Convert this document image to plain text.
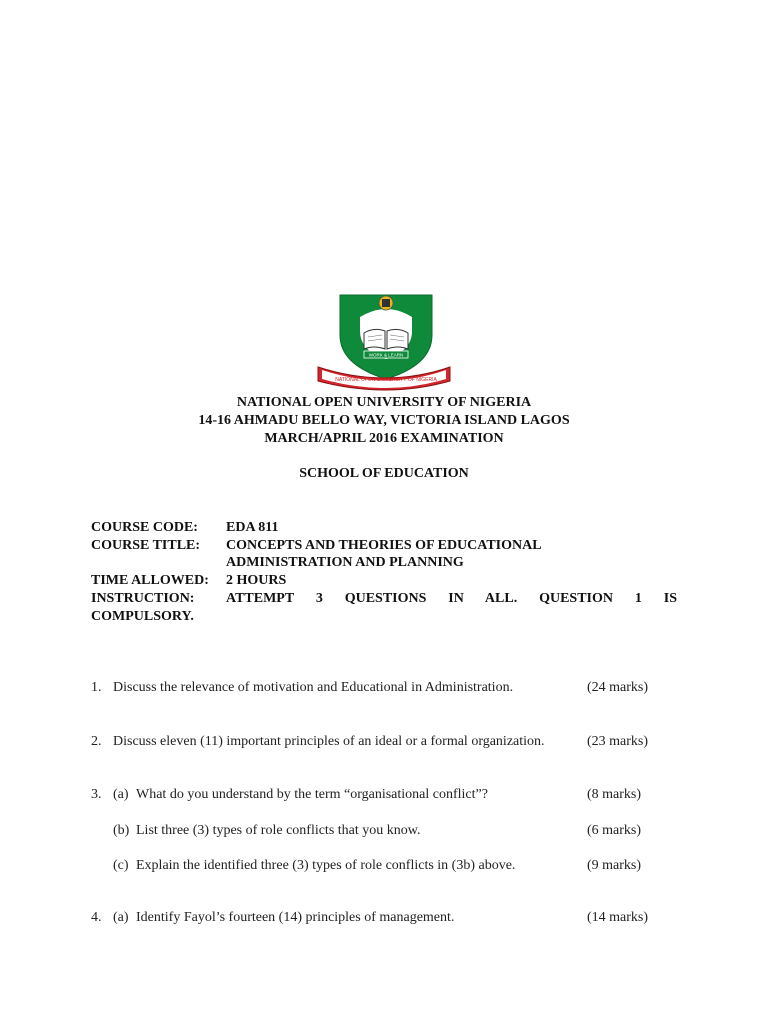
WORK & LEARN
NATIONAL OPEN UNIVERSITY OF NIGERIA
NATIONAL OPEN UNIVERSITY OF NIGERIA
14-16 AHMADU BELLO WAY, VICTORIA ISLAND LAGOS
MARCH/APRIL 2016 EXAMINATION
SCHOOL OF EDUCATION
COURSE CODE: EDA 811
COURSE TITLE: CONCEPTS AND THEORIES OF EDUCATIONAL
ADMINISTRATION AND PLANNING
TIME ALLOWED: 2 HOURS
INSTRUCTION: ATTEMPT 3 QUESTIONS IN ALL. QUESTION 1 IS
COMPULSORY.
1. Discuss the relevance of motivation and Educational in Administration.	(24 marks)
2. Discuss eleven (11) important principles of an ideal or a formal organization.	(23 marks)
3. (a) What do you understand by the term “organisational conflict”?	(8 marks)
(b) List three (3) types of role conflicts that you know.	(6 marks)
(c) Explain the identified three (3) types of role conflicts in (3b) above.	(9 marks)
4. (a) Identify Fayol’s fourteen (14) principles of management.	(14 marks)
